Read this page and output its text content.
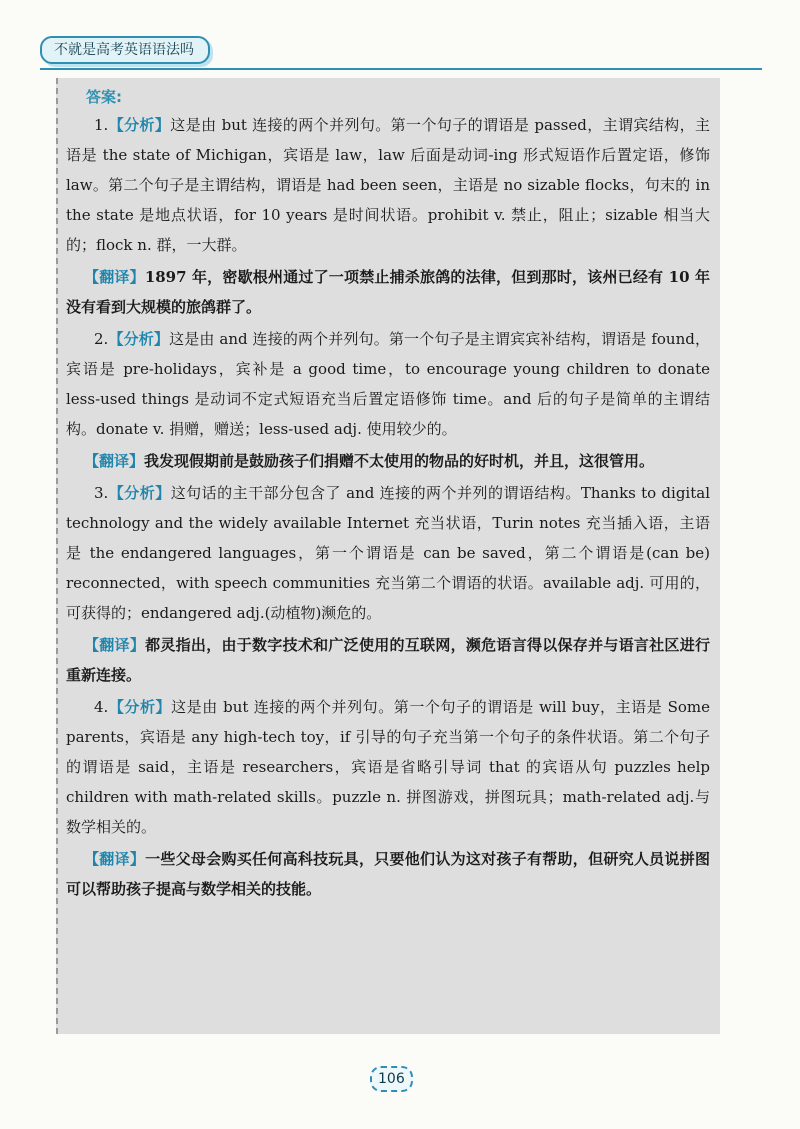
不就是高考英语语法吗
答案:

1.【分析】这是由 but 连接的两个并列句。第一个句子的谓语是 passed，主谓宾结构，主语是 the state of Michigan，宾语是 law，law 后面是动词-ing 形式短语作后置定语，修饰 law。第二个句子是主谓结构，谓语是 had been seen，主语是 no sizable flocks，句末的 in the state 是地点状语，for 10 years 是时间状语。prohibit v. 禁止，阻止；sizable 相当大的；flock n. 群，一大群。

【翻译】1897 年，密歇根州通过了一项禁止捕杀旅鸽的法律，但到那时，该州已经有 10 年没有看到大规模的旅鸽群了。

2.【分析】这是由 and 连接的两个并列句。第一个句子是主谓宾宾补结构，谓语是 found，宾语是 pre-holidays，宾补是 a good time，to encourage young children to donate less-used things 是动词不定式短语充当后置定语修饰 time。and 后的句子是简单的主谓结构。donate v. 捐赠，赠送；less-used adj. 使用较少的。

【翻译】我发现假期前是鼓励孩子们捐赠不太使用的物品的好时机，并且，这很管用。

3.【分析】这句话的主干部分包含了 and 连接的两个并列的谓语结构。Thanks to digital technology and the widely available Internet 充当状语，Turin notes 充当插入语，主语是 the endangered languages，第一个谓语是 can be saved，第二个谓语是(can be) reconnected，with speech communities 充当第二个谓语的状语。available adj. 可用的，可获得的；endangered adj.(动植物)濒危的。

【翻译】都灵指出，由于数字技术和广泛使用的互联网，濒危语言得以保存并与语言社区进行重新连接。

4.【分析】这是由 but 连接的两个并列句。第一个句子的谓语是 will buy，主语是 Some parents，宾语是 any high-tech toy，if 引导的句子充当第一个句子的条件状语。第二个句子的谓语是 said，主语是 researchers，宾语是省略引导词 that 的宾语从句 puzzles help children with math-related skills。puzzle n. 拼图游戏，拼图玩具；math-related adj.与数学相关的。

【翻译】一些父母会购买任何高科技玩具，只要他们认为这对孩子有帮助，但研究人员说拼图可以帮助孩子提高与数学相关的技能。

106
